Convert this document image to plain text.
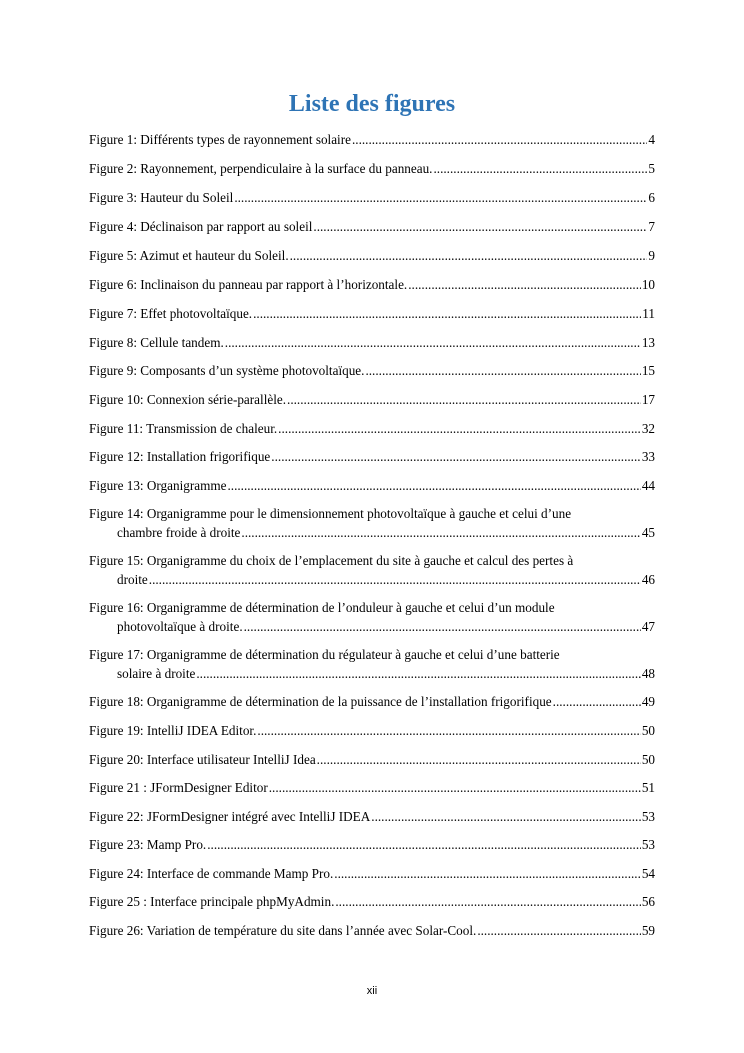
Liste des figures
Figure 1: Différents types de rayonnement solaire .....	4
Figure 2: Rayonnement, perpendiculaire à la surface du panneau. .....	5
Figure 3: Hauteur du Soleil .....	6
Figure 4: Déclinaison par rapport au soleil .....	7
Figure 5: Azimut et hauteur du Soleil. .....	9
Figure 6: Inclinaison du panneau par rapport à l’horizontale. .....	10
Figure 7: Effet photovoltaïque. .....	11
Figure 8: Cellule tandem. .....	13
Figure 9: Composants d’un système photovoltaïque. .....	15
Figure 10: Connexion série-parallèle. .....	17
Figure 11: Transmission de chaleur. .....	32
Figure 12: Installation frigorifique .....	33
Figure 13: Organigramme .....	44
Figure 14: Organigramme pour le dimensionnement photovoltaïque à gauche et celui d’une
chambre froide à droite .....	45
Figure 15: Organigramme du choix de l’emplacement du site à gauche et calcul des pertes à
droite .....	46
Figure 16: Organigramme de détermination de l’onduleur à gauche et celui d’un module
photovoltaïque à droite. .....	47
Figure 17: Organigramme de détermination du régulateur à gauche et celui d’une batterie
solaire à droite .....	48
Figure 18: Organigramme de détermination de la puissance de l’installation frigorifique .....	49
Figure 19: IntelliJ IDEA Editor. .....	50
Figure 20: Interface utilisateur IntelliJ Idea .....	50
Figure 21 : JFormDesigner Editor .....	51
Figure 22: JFormDesigner intégré avec IntelliJ IDEA .....	53
Figure 23: Mamp Pro. .....	53
Figure 24: Interface de commande Mamp Pro. .....	54
Figure 25 : Interface principale phpMyAdmin. .....	56
Figure 26: Variation de température du site dans l’année avec Solar-Cool. .....	59
xii
